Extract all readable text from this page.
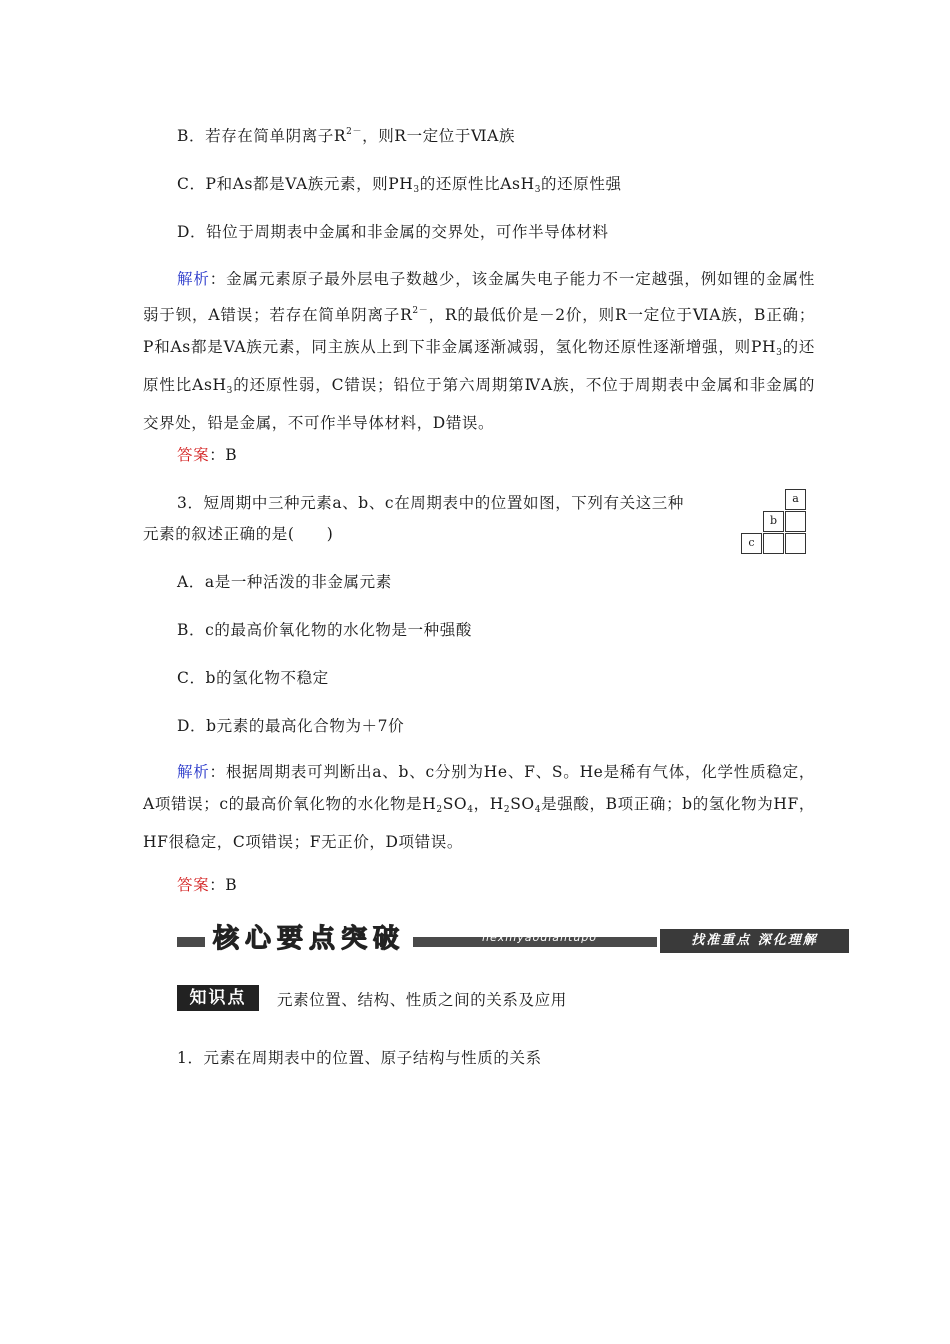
B．若存在简单阴离子$R^{2-}$，则R一定位于ⅥA族
C．P和As都是VA族元素，则$PH_3$的还原性比AsH$_3$的还原性强
D．铅位于周期表中金属和非金属的交界处，可作半导体材料
解析：金属元素原子最外层电子数越少，该金属失电子能力不一定越强，例如锂的金属性弱于钡，A错误；若存在简单阴离子$R^{2-}$，R的最低价是－2价，则R一定位于ⅥA族，B正确；P和As都是VA族元素，同主族从上到下非金属逐渐减弱，氢化物还原性逐渐增强，则$PH_3$的还原性比AsH$_3$的还原性弱，C错误；铅位于第六周期第ⅣA族，不位于周期表中金属和非金属的交界处，铅是金属，不可作半导体材料，D错误。
答案：B
3．短周期中三种元素a、b、c在周期表中的位置如图，下列有关这三种
元素的叙述正确的是(　　)
a
b
c
A．a是一种活泼的非金属元素
B．c的最高价氧化物的水化物是一种强酸
C．b的氢化物不稳定
D．b元素的最高化合物为＋7价
解析：根据周期表可判断出a、b、c分别为He、F、S。He是稀有气体，化学性质稳定，A项错误；c的最高价氧化物的水化物是$H_2SO_4$，$H_2SO_4$是强酸，B项正确；b的氢化物为HF，HF很稳定，C项错误；F无正价，D项错误。
答案：B
核心要点突破	hexinyaodiantupo	找准重点 深化理解
知识点	元素位置、结构、性质之间的关系及应用
1．元素在周期表中的位置、原子结构与性质的关系
